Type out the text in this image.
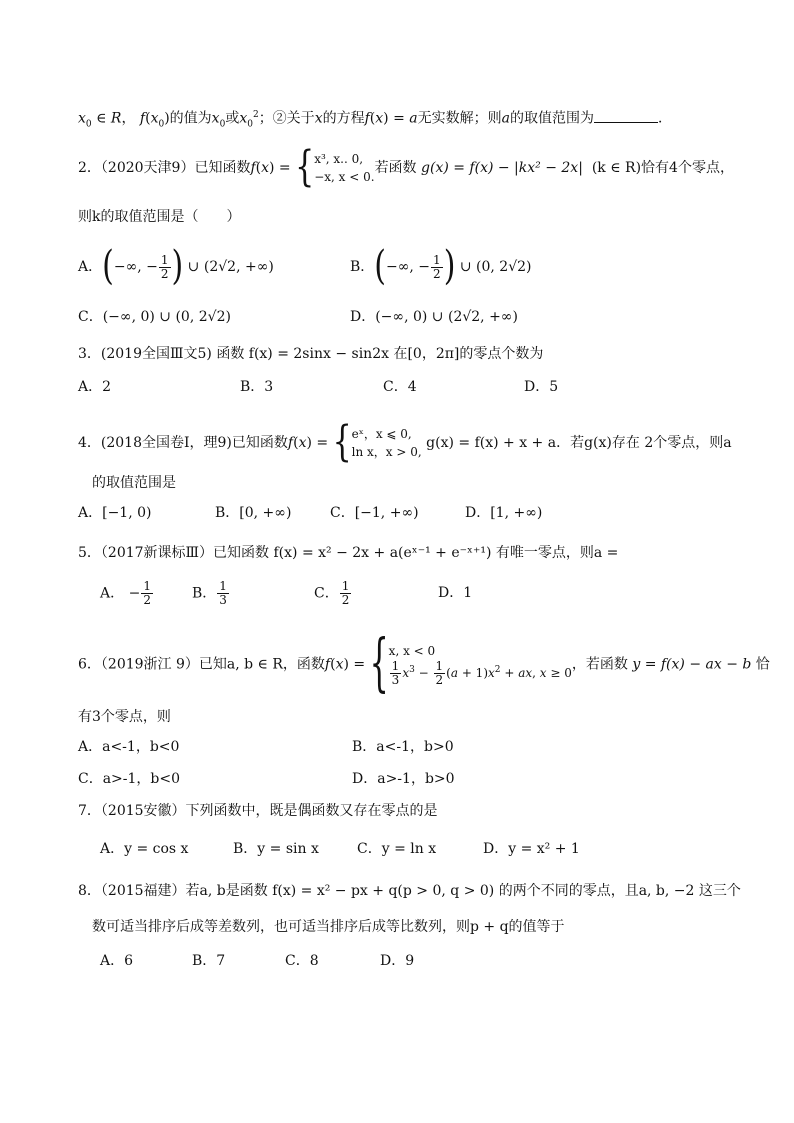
$x_0$ ∈ R， $f(x_0)$的值为$x_0$或$x_0^2$；②关于x的方程f(x) = a无实数解；则a的取值范围为	．
2．（2020天津9）已知函数f(x) = { x³, x.. 0,
−x, x < 0.
若函数 g(x) = f(x) − |kx² − 2x| (k ∈ R)恰有4个零点，
则k的取值范围是（　　）
A．(−∞, − $\frac{1}{2}$ ) ∪ (2√2, +∞)	B．(−∞, − $\frac{1}{2}$ ) ∪ (0, 2√2)
C．(−∞, 0) ∪ (0, 2√2)	D．(−∞, 0) ∪ (2√2, +∞)
3．(2019全国Ⅲ文5) 函数 f(x) = 2sinx − sin2x 在[0，2π]的零点个数为
A．2	B．3	C．4	D．5
4．(2018全国卷Ⅰ，理9)已知函数f(x) = { eˣ，x ⩽ 0,
ln x，x > 0,
g(x) = f(x) + x + a．若g(x)存在 2个零点，则a
的取值范围是
A．[−1, 0)	B．[0, +∞)	C．[−1, +∞)	D．[1, +∞)
5．（2017新课标Ⅲ）已知函数 f(x) = x² − 2x + a(eˣ⁻¹ + e⁻ˣ⁺¹) 有唯一零点，则a =
A． − $\frac{1}{2}$	B． $\frac{1}{3}$	C． $\frac{1}{2}$	D．1
6．（2019浙江 9）已知a, b ∈ R，函数f(x) = { x, x < 0
$\frac{1}{3} x^3 - \frac{1}{2} (a + 1)x^2$ + ax, x ≥ 0
，若函数 y = f(x) − ax − b 恰
有3个零点，则
A．a<-1，b<0	B．a<-1，b>0
C．a>-1，b<0	D．a>-1，b>0
7．（2015安徽）下列函数中，既是偶函数又存在零点的是
A．y = cos x	B．y = sin x	C．y = ln x	D．y = x² + 1
8．（2015福建）若a, b是函数 f(x) = x² − px + q(p > 0, q > 0) 的两个不同的零点，且a, b, −2 这三个
数可适当排序后成等差数列，也可适当排序后成等比数列，则p + q的值等于
A．6	B．7	C．8	D．9
